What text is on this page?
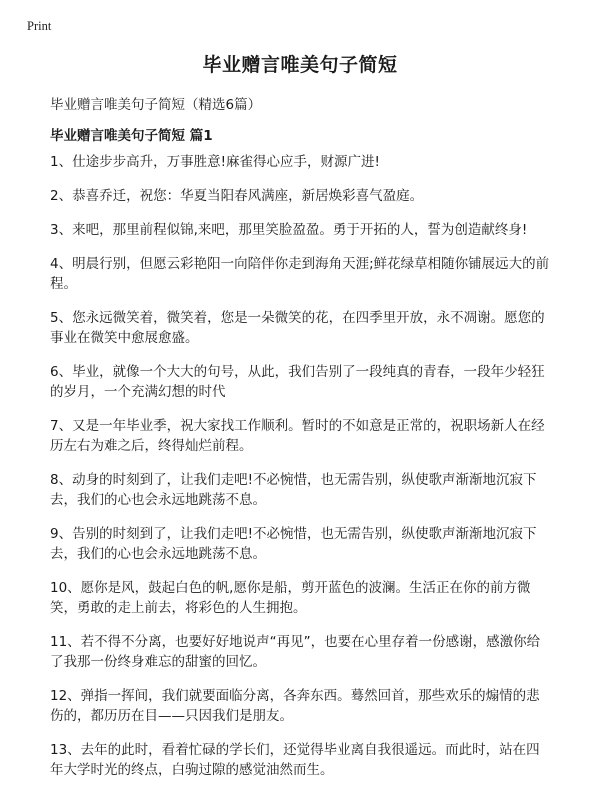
Print
毕业赠言唯美句子简短

毕业赠言唯美句子简短（精选6篇）

毕业赠言唯美句子简短 篇1
1、仕途步步高升，万事胜意!麻雀得心应手，财源广进!
2、恭喜乔迁，祝您：华夏当阳春风满座，新居焕彩喜气盈庭。
3、来吧，那里前程似锦,来吧，那里笑脸盈盈。勇于开拓的人，誓为创造献终身!
4、明晨行别，但愿云彩艳阳一向陪伴你走到海角天涯;鲜花绿草相随你铺展远大的前程。
5、您永远微笑着，微笑着，您是一朵微笑的花，在四季里开放，永不凋谢。愿您的事业在微笑中愈展愈盛。
6、毕业，就像一个大大的句号，从此，我们告别了一段纯真的青春，一段年少轻狂的岁月，一个充满幻想的时代
7、又是一年毕业季，祝大家找工作顺利。暂时的不如意是正常的，祝职场新人在经历左右为难之后，终得灿烂前程。
8、动身的时刻到了，让我们走吧!不必惋惜，也无需告别，纵使歌声渐渐地沉寂下去，我们的心也会永远地跳荡不息。
9、告别的时刻到了，让我们走吧!不必惋惜，也无需告别，纵使歌声渐渐地沉寂下去，我们的心也会永远地跳荡不息。
10、愿你是风，鼓起白色的帆,愿你是船，剪开蓝色的波澜。生活正在你的前方微笑，勇敢的走上前去，将彩色的人生拥抱。
11、若不得不分离，也要好好地说声“再见”，也要在心里存着一份感谢，感激你给了我那一份终身难忘的甜蜜的回忆。
12、弹指一挥间，我们就要面临分离，各奔东西。蓦然回首，那些欢乐的煽情的悲伤的，都历历在目——只因我们是朋友。
13、去年的此时，看着忙碌的学长们，还觉得毕业离自我很遥远。而此时，站在四年大学时光的终点，白驹过隙的感觉油然而生。
